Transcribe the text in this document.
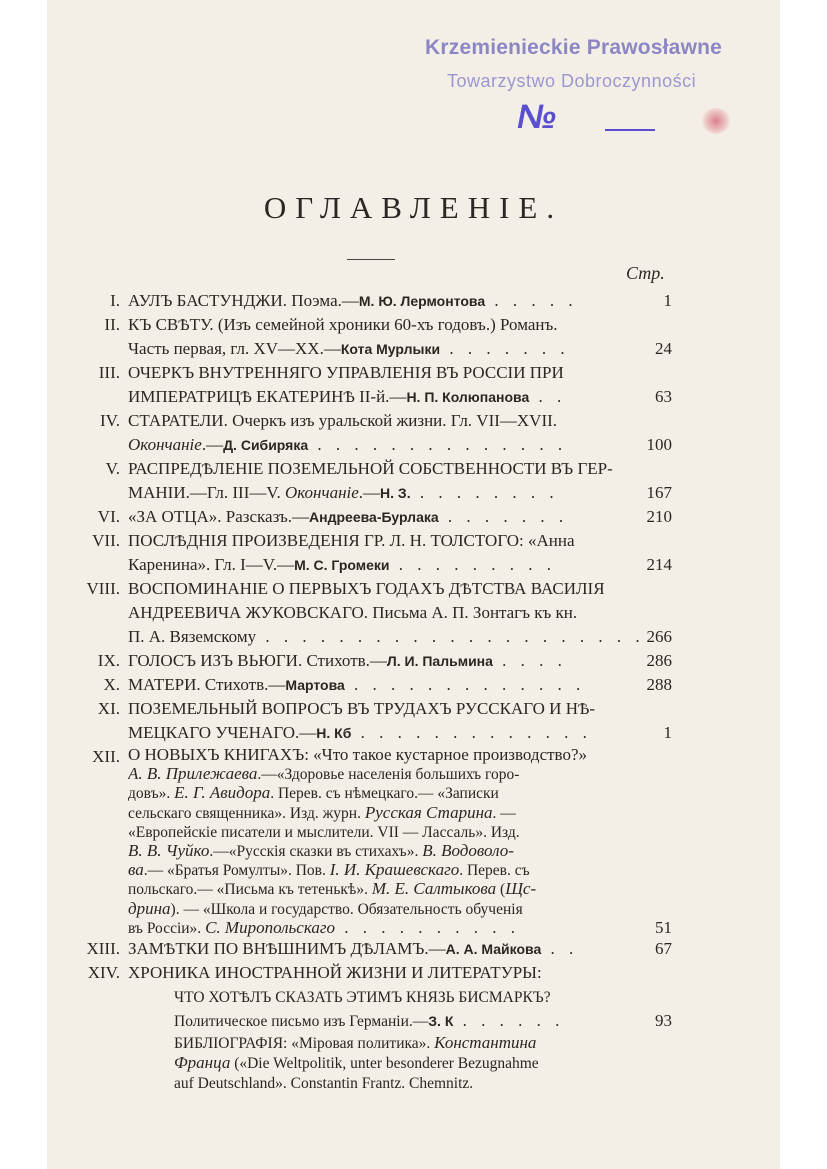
Krzemienieckie Prawosławne
Towarzystwo Dobroczynności
№
ОГЛАВЛЕНІЕ.
Стр.
I. АУЛЪ БАСТУНДЖИ. Поэма.—М. Ю. Лермонтова . . . . .	1
II. КЪ СВѢТУ. (Изъ семейной хроники 60-хъ годовъ.) Романъ.
Часть первая, гл. XV—XX.—Кота Мурлыки . . . . . . .	24
III. ОЧЕРКЪ ВНУТРЕННЯГО УПРАВЛЕНІЯ ВЪ РОССІИ ПРИ
ИМПЕРАТРИЦѢ ЕКАТЕРИНѢ II-й.—Н. П. Колюпанова . .	63
IV. СТАРАТЕЛИ. Очеркъ изъ уральской жизни. Гл. VII—XVII.
Окончаніе.—Д. Сибиряка . . . . . . . . . . . . . .	100
V. РАСПРЕДѢЛЕНІЕ ПОЗЕМЕЛЬНОЙ СОБСТВЕННОСТИ ВЪ ГЕР-
МАНІИ.—Гл. III—V. Окончаніе.—Н. З. . . . . . . . .	167
VI. «ЗА ОТЦА». Разсказъ.—Андреева-Бурлака . . . . . . .	210
VII. ПОСЛѢДНІЯ ПРОИЗВЕДЕНІЯ ГР. Л. Н. ТОЛСТОГО: «Анна
Каренина». Гл. I—V.—М. С. Громеки . . . . . . . . .	214
VIII. ВОСПОМИНАНІЕ О ПЕРВЫХЪ ГОДАХЪ ДѢТСТВА ВАСИЛІЯ
АНДРЕЕВИЧА ЖУКОВСКАГО. Письма А. П. Зонтагъ къ кн.
П. А. Вяземскому . . . . . . . . . . . . . . . . . . . . . 266
IX. ГОЛОСЪ ИЗЪ ВЬЮГИ. Стихотв.—Л. И. Пальмина . . . .	286
X. МАТЕРИ. Стихотв.—Мартова . . . . . . . . . . . . .	288
XI. ПОЗЕМЕЛЬНЫЙ ВОПРОСЪ ВЪ ТРУДАХЪ РУССКАГО И НѢ-
МЕЦКАГО УЧЕНАГО.—Н. Кб . . . . . . . . . . . . .	1
XII. О НОВЫХЪ КНИГАХЪ: «Что такое кустарное производство?»
А. В. Прилежаева.—«Здоровье населенія большихъ горо-
довъ». Е. Г. Авидора. Перев. съ нѣмецкаго.— «Записки
сельскаго священника». Изд. журн. Русская Старина. —
«Европейскіе писатели и мыслители. VII — Лассаль». Изд.
В. В. Чуйко.—«Русскія сказки въ стихахъ». В. Водоволо-
ва.— «Братья Ромулты». Пов. І. И. Крашевскаго. Перев. съ
польскаго.— «Письма къ тетенькѣ». М. Е. Салтыкова (Щс-
дрина). — «Школа и государство. Обязательность обученія
въ Россіи». С. Миропольскаго . . . . . . . . . .	51
XIII. ЗАМѢТКИ ПО ВНѢШНИМЪ ДѢЛАМЪ.—А. А. Майкова . .	67
XIV. ХРОНИКА ИНОСТРАННОЙ ЖИЗНИ И ЛИТЕРАТУРЫ:
ЧТО ХОТѢЛЪ СКАЗАТЬ ЭТИМЪ КНЯЗЬ БИСМАРКЪ?
Политическое письмо изъ Германіи.—З. К . . . . . .	93
БИБЛІОГРАФІЯ: «Міровая политика». Константина
Франца («Die Weltpolitik, unter besonderer Bezugnahme
auf Deutschland». Constantin Frantz. Chemnitz.
